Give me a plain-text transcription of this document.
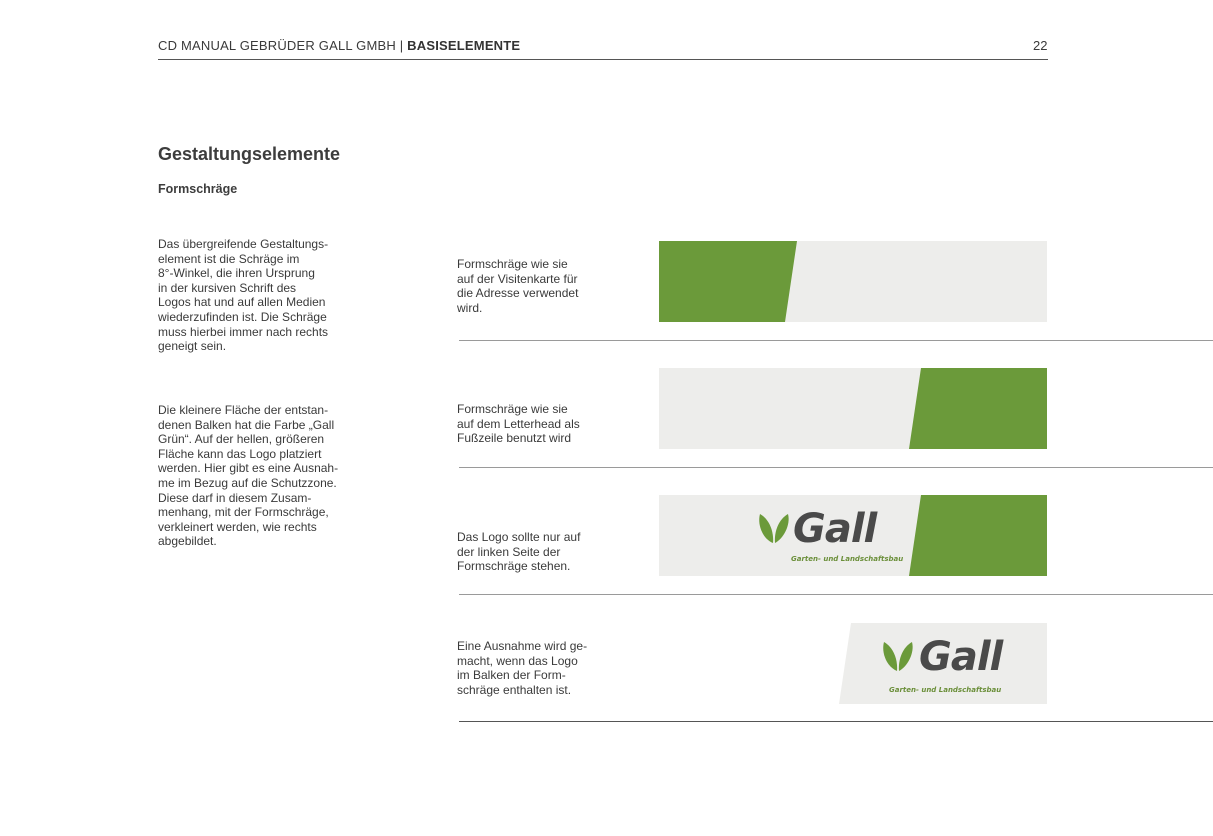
CD MANUAL GEBRÜDER GALL GMBH | BASISELEMENTE	22
Gestaltungselemente
Formschräge

Das übergreifende Gestaltungs-
element ist die Schräge im
8°-Winkel, die ihren Ursprung
in der kursiven Schrift des
Logos hat und auf allen Medien
wiederzufinden ist. Die Schräge
muss hierbei immer nach rechts
geneigt sein.

Die kleinere Fläche der entstan-
denen Balken hat die Farbe „Gall
Grün“. Auf der hellen, größeren
Fläche kann das Logo platziert
werden. Hier gibt es eine Ausnah-
me im Bezug auf die Schutzzone.
Diese darf in diesem Zusam-
menhang, mit der Formschräge,
verkleinert werden, wie rechts
abgebildet.

Formschräge wie sie
auf der Visitenkarte für
die Adresse verwendet
wird.

Formschräge wie sie
auf dem Letterhead als
Fußzeile benutzt wird

Das Logo sollte nur auf
der linken Seite der
Formschräge stehen.

Gall
Garten- und Landschaftsbau

Eine Ausnahme wird ge-
macht, wenn das Logo
im Balken der Form-
schräge enthalten ist.

Gall
Garten- und Landschaftsbau
